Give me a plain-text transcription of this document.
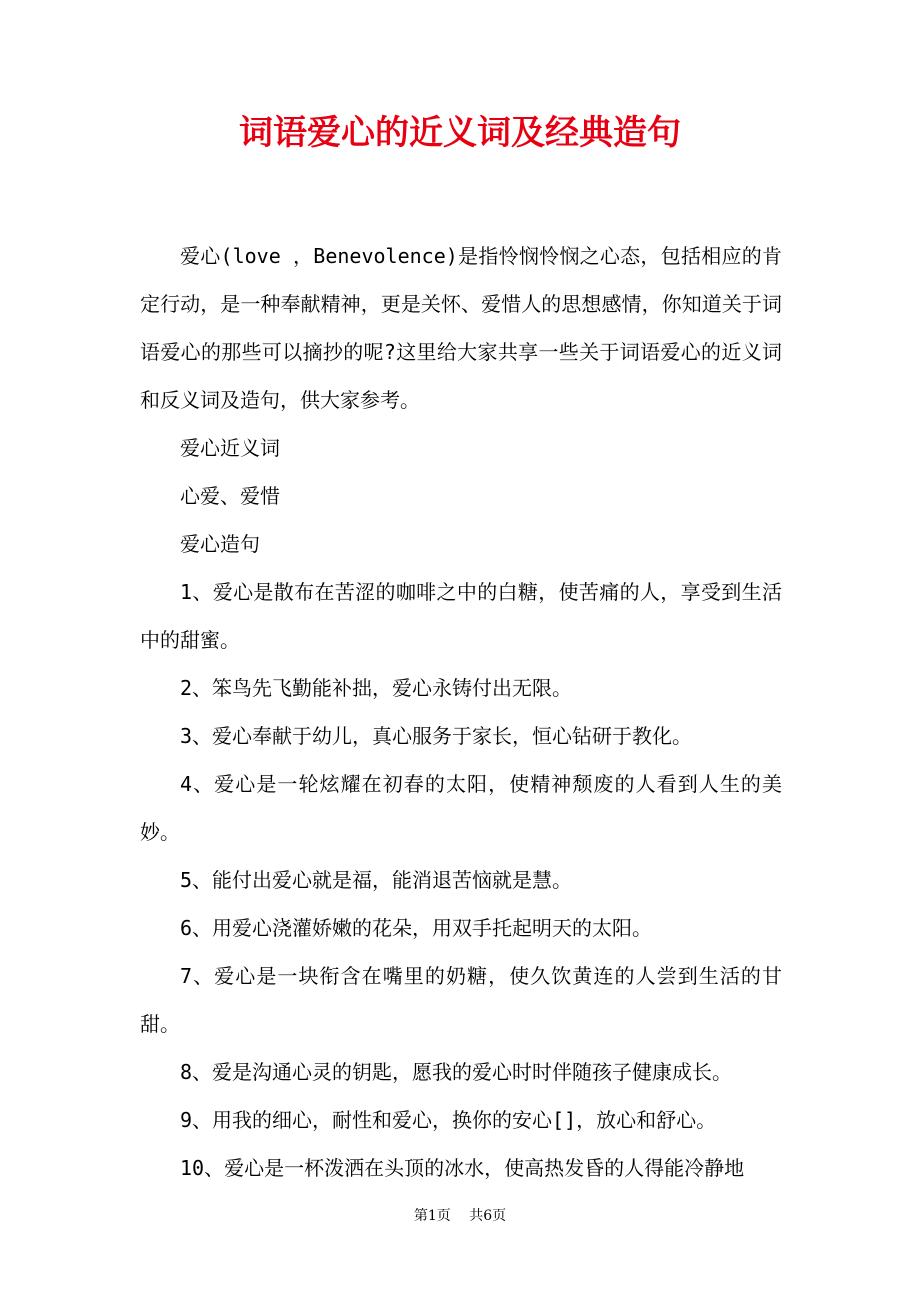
词语爱心的近义词及经典造句

爱心(love ，Benevolence)是指怜悯怜悯之心态，包括相应的肯定行动，是一种奉献精神，更是关怀、爱惜人的思想感情，你知道关于词语爱心的那些可以摘抄的呢?这里给大家共享一些关于词语爱心的近义词和反义词及造句，供大家参考。

爱心近义词

心爱、爱惜

爱心造句

1、爱心是散布在苦涩的咖啡之中的白糖，使苦痛的人，享受到生活中的甜蜜。

2、笨鸟先飞勤能补拙，爱心永铸付出无限。

3、爱心奉献于幼儿，真心服务于家长，恒心钻研于教化。

4、爱心是一轮炫耀在初春的太阳，使精神颓废的人看到人生的美妙。

5、能付出爱心就是福，能消退苦恼就是慧。

6、用爱心浇灌娇嫩的花朵，用双手托起明天的太阳。

7、爱心是一块衔含在嘴里的奶糖，使久饮黄连的人尝到生活的甘甜。

8、爱是沟通心灵的钥匙，愿我的爱心时时伴随孩子健康成长。

9、用我的细心，耐性和爱心，换你的安心[]，放心和舒心。

10、爱心是一杯泼洒在头顶的冰水，使高热发昏的人得能冷静地

第1页 共6页
